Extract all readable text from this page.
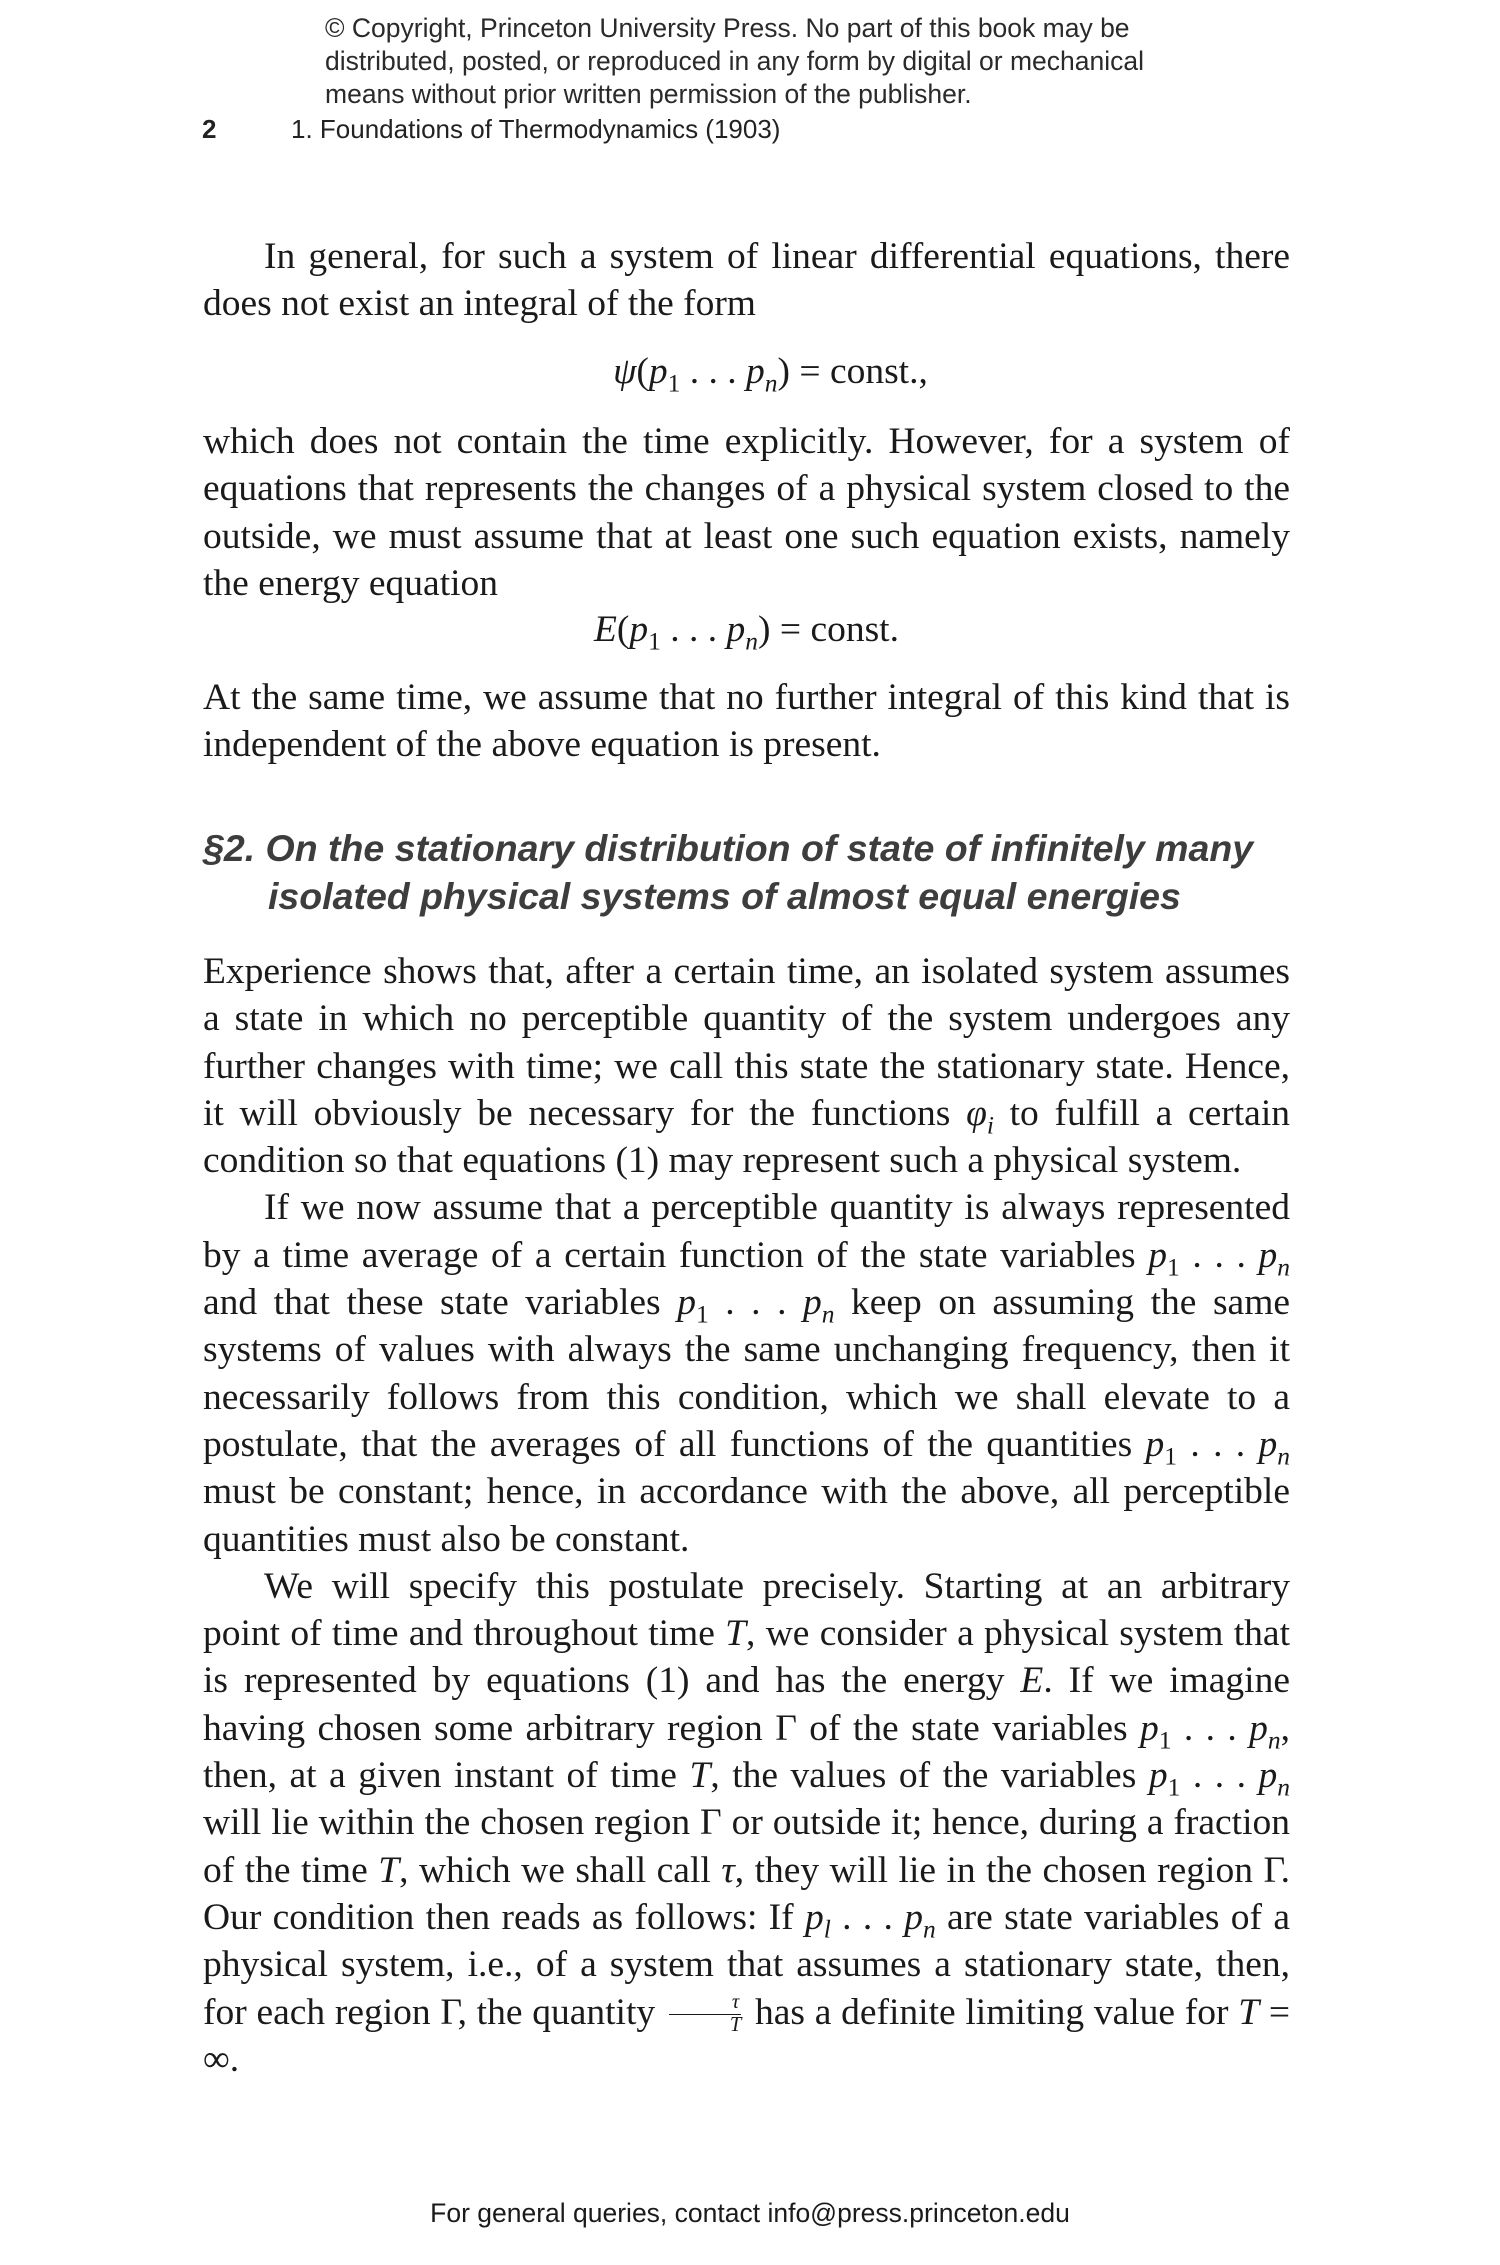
© Copyright, Princeton University Press. No part of this book may be
distributed, posted, or reproduced in any form by digital or mechanical
means without prior written permission of the publisher.
2	1. Foundations of Thermodynamics (1903)

In general, for such a system of linear differential equations, there does not exist an integral of the form

$\psi(p_1$ . . . $p_n$) = const.,

which does not contain the time explicitly. However, for a system of equations that represents the changes of a physical system closed to the outside, we must assume that at least one such equation exists, namely the energy equation

$E(p_1$ . . . $p_n$) = const.

At the same time, we assume that no further integral of this kind that is independent of the above equation is present.

§2. On the stationary distribution of state of infinitely many
isolated physical systems of almost equal energies

Experience shows that, after a certain time, an isolated system assumes a state in which no perceptible quantity of the system undergoes any further changes with time; we call this state the stationary state. Hence, it will obviously be necessary for the functions $\varphi_i$ to fulfill a certain condition so that equations (1) may represent such a physical system.

If we now assume that a perceptible quantity is always represented by a time average of a certain function of the state variables $p_1$ . . . $p_n$ and that these state variables $p_1$ . . . $p_n$ keep on assuming the same systems of values with always the same unchanging frequency, then it necessarily follows from this condition, which we shall elevate to a postulate, that the averages of all functions of the quantities $p_1$ . . . $p_n$ must be constant; hence, in accordance with the above, all perceptible quantities must also be constant.

We will specify this postulate precisely. Starting at an arbitrary point of time and throughout time T, we consider a physical system that is represented by equations (1) and has the energy E. If we imagine having chosen some arbitrary region Γ of the state variables $p_1$ . . . $p_n$, then, at a given instant of time T, the values of the variables $p_1$ . . . $p_n$ will lie within the chosen region Γ or outside it; hence, during a fraction of the time T, which we shall call τ, they will lie in the chosen region Γ. Our condition then reads as follows: If $p_l$ . . . $p_n$ are state variables of a physical system, i.e., of a system that assumes a stationary state, then, for each region Γ, the quantity $\frac{\tau}{T}$ has a definite limiting value for T = ∞.

For general queries, contact info@press.princeton.edu
